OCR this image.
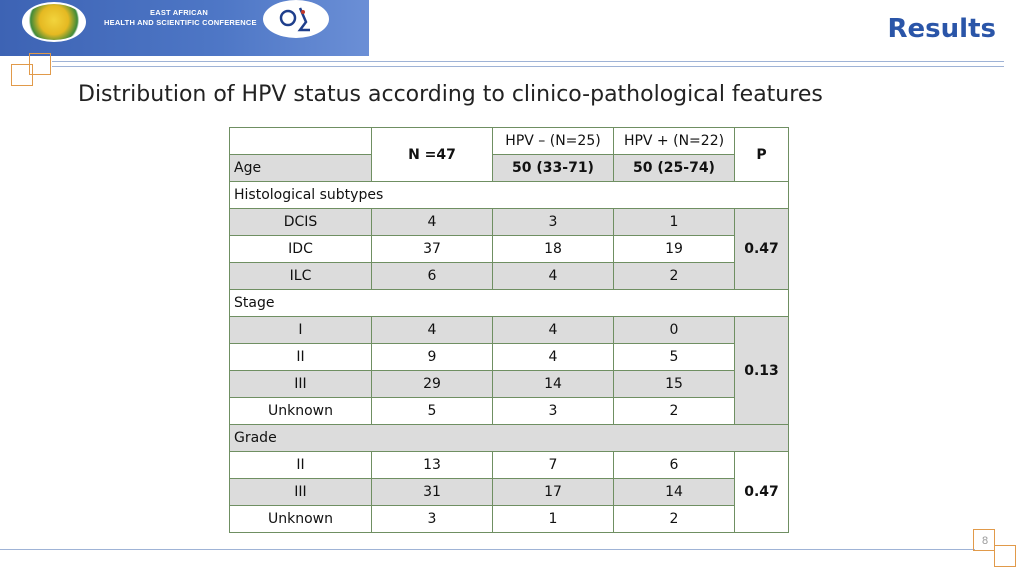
EAST AFRICAN
HEALTH AND SCIENTIFIC CONFERENCE	Results
Distribution of HPV status according to clinico-pathological features
	N =47	HPV – (N=25)	HPV + (N=22)	P
Age		50 (33-71)	50 (25-74)	
Histological subtypes				
DCIS	4	3	1	0.47
IDC	37	18	19	
ILC	6	4	2	
Stage				
I	4	4	0	0.13
II	9	4	5	
III	29	14	15	
Unknown	5	3	2	
Grade				
II	13	7	6	0.47
III	31	17	14	
Unknown	3	1	2	
8
